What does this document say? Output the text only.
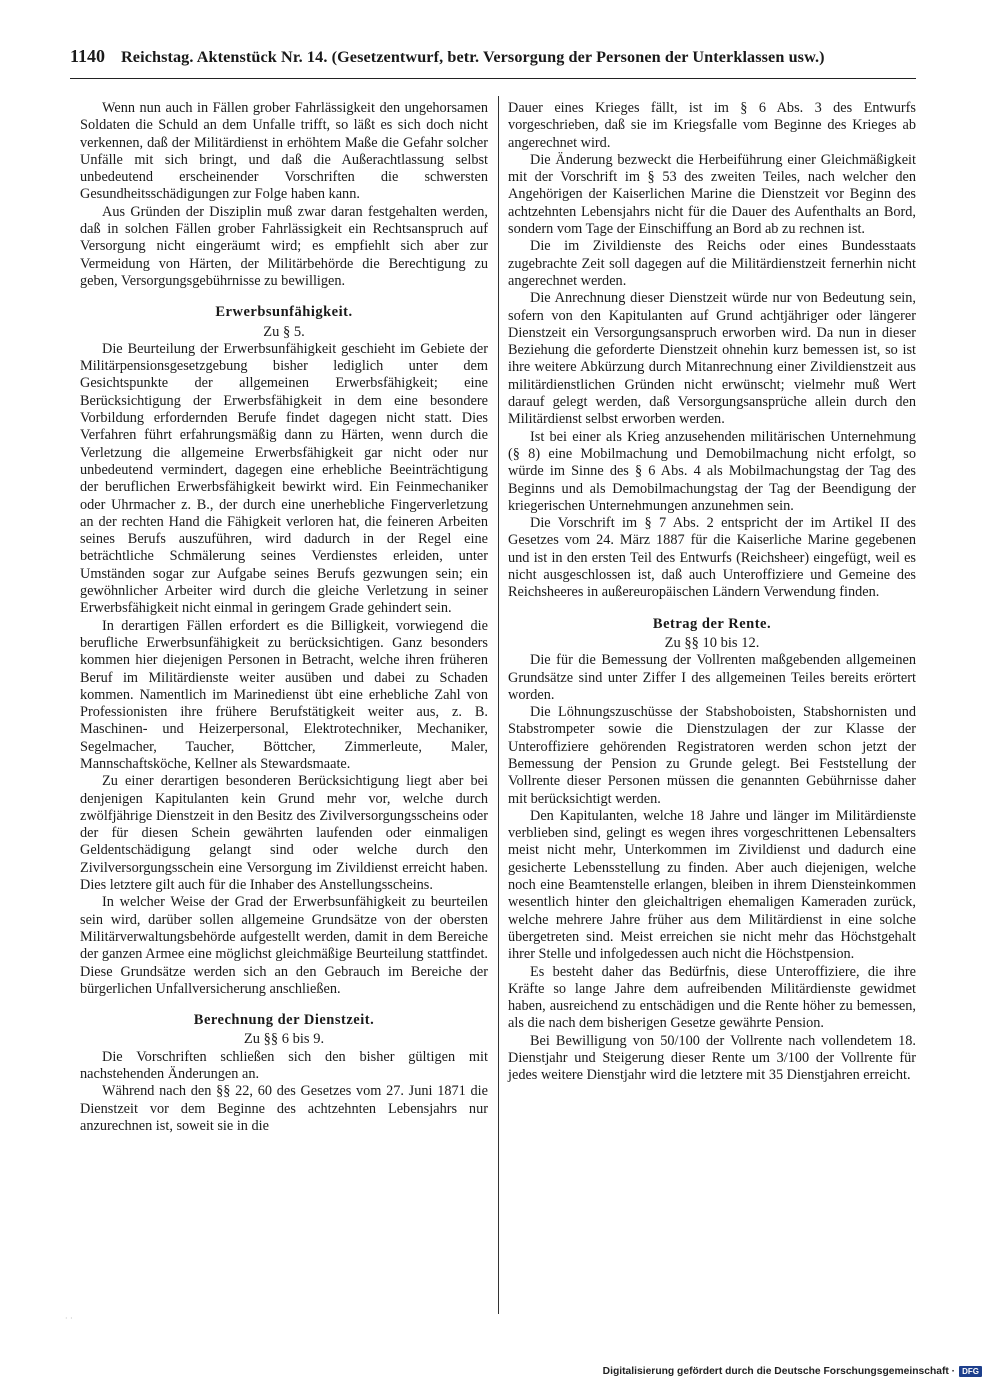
1140 Reichstag. Aktenstück Nr. 14. (Gesetzentwurf, betr. Versorgung der Personen der Unterklassen usw.)

Wenn nun auch in Fällen grober Fahrlässigkeit den ungehorsamen Soldaten die Schuld an dem Unfalle trifft, so läßt es sich doch nicht verkennen, daß der Militärdienst in erhöhtem Maße die Gefahr solcher Unfälle mit sich bringt, und daß die Außerachtlassung selbst unbedeutend erscheinender Vorschriften die schwersten Gesundheitsschädigungen zur Folge haben kann.

Aus Gründen der Disziplin muß zwar daran festgehalten werden, daß in solchen Fällen grober Fahrlässigkeit ein Rechtsanspruch auf Versorgung nicht eingeräumt wird; es empfiehlt sich aber zur Vermeidung von Härten, der Militärbehörde die Berechtigung zu geben, Versorgungsgebührnisse zu bewilligen.

Erwerbsunfähigkeit.
Zu § 5.

Die Beurteilung der Erwerbsunfähigkeit geschieht im Gebiete der Militärpensionsgesetzgebung bisher lediglich unter dem Gesichtspunkte der allgemeinen Erwerbsfähigkeit; eine Berücksichtigung der Erwerbsfähigkeit in dem eine besondere Vorbildung erfordernden Berufe findet dagegen nicht statt. Dies Verfahren führt erfahrungsmäßig dann zu Härten, wenn durch die Verletzung die allgemeine Erwerbsfähigkeit gar nicht oder nur unbedeutend vermindert, dagegen eine erhebliche Beeinträchtigung der beruflichen Erwerbsfähigkeit bewirkt wird. Ein Feinmechaniker oder Uhrmacher z. B., der durch eine unerhebliche Fingerverletzung an der rechten Hand die Fähigkeit verloren hat, die feineren Arbeiten seines Berufs auszuführen, wird dadurch in der Regel eine beträchtliche Schmälerung seines Verdienstes erleiden, unter Umständen sogar zur Aufgabe seines Berufs gezwungen sein; ein gewöhnlicher Arbeiter wird durch die gleiche Verletzung in seiner Erwerbsfähigkeit nicht einmal in geringem Grade gehindert sein.

In derartigen Fällen erfordert es die Billigkeit, vorwiegend die berufliche Erwerbsunfähigkeit zu berücksichtigen. Ganz besonders kommen hier diejenigen Personen in Betracht, welche ihren früheren Beruf im Militärdienste weiter ausüben und dabei zu Schaden kommen. Namentlich im Marinedienst übt eine erhebliche Zahl von Professionisten ihre frühere Berufstätigkeit weiter aus, z. B. Maschinen- und Heizerpersonal, Elektrotechniker, Mechaniker, Segelmacher, Taucher, Böttcher, Zimmerleute, Maler, Mannschaftsköche, Kellner als Stewardsmaate.

Zu einer derartigen besonderen Berücksichtigung liegt aber bei denjenigen Kapitulanten kein Grund mehr vor, welche durch zwölfjährige Dienstzeit in den Besitz des Zivilversorgungsscheins oder der für diesen Schein gewährten laufenden oder einmaligen Geldentschädigung gelangt sind oder welche durch den Zivilversorgungsschein eine Versorgung im Zivildienst erreicht haben. Dies letztere gilt auch für die Inhaber des Anstellungsscheins.

In welcher Weise der Grad der Erwerbsunfähigkeit zu beurteilen sein wird, darüber sollen allgemeine Grundsätze von der obersten Militärverwaltungsbehörde aufgestellt werden, damit in dem Bereiche der ganzen Armee eine möglichst gleichmäßige Beurteilung stattfindet. Diese Grundsätze werden sich an den Gebrauch im Bereiche der bürgerlichen Unfallversicherung anschließen.

Berechnung der Dienstzeit.
Zu §§ 6 bis 9.

Die Vorschriften schließen sich den bisher gültigen mit nachstehenden Änderungen an.

Während nach den §§ 22, 60 des Gesetzes vom 27. Juni 1871 die Dienstzeit vor dem Beginne des achtzehnten Lebensjahrs nur anzurechnen ist, soweit sie in die

Dauer eines Krieges fällt, ist im § 6 Abs. 3 des Entwurfs vorgeschrieben, daß sie im Kriegsfalle vom Beginne des Krieges ab angerechnet wird.

Die Änderung bezweckt die Herbeiführung einer Gleichmäßigkeit mit der Vorschrift im § 53 des zweiten Teiles, nach welcher den Angehörigen der Kaiserlichen Marine die Dienstzeit vor Beginn des achtzehnten Lebensjahrs nicht für die Dauer des Aufenthalts an Bord, sondern vom Tage der Einschiffung an Bord ab zu rechnen ist.

Die im Zivildienste des Reichs oder eines Bundesstaats zugebrachte Zeit soll dagegen auf die Militärdienstzeit fernerhin nicht angerechnet werden.

Die Anrechnung dieser Dienstzeit würde nur von Bedeutung sein, sofern von den Kapitulanten auf Grund achtjähriger oder längerer Dienstzeit ein Versorgungsanspruch erworben wird. Da nun in dieser Beziehung die geforderte Dienstzeit ohnehin kurz bemessen ist, so ist ihre weitere Abkürzung durch Mitanrechnung einer Zivildienstzeit aus militärdienstlichen Gründen nicht erwünscht; vielmehr muß Wert darauf gelegt werden, daß Versorgungsansprüche allein durch den Militärdienst selbst erworben werden.

Ist bei einer als Krieg anzusehenden militärischen Unternehmung (§ 8) eine Mobilmachung und Demobilmachung nicht erfolgt, so würde im Sinne des § 6 Abs. 4 als Mobilmachungstag der Tag des Beginns und als Demobilmachungstag der Tag der Beendigung der kriegerischen Unternehmungen anzunehmen sein.

Die Vorschrift im § 7 Abs. 2 entspricht der im Artikel II des Gesetzes vom 24. März 1887 für die Kaiserliche Marine gegebenen und ist in den ersten Teil des Entwurfs (Reichsheer) eingefügt, weil es nicht ausgeschlossen ist, daß auch Unteroffiziere und Gemeine des Reichsheeres in außereuropäischen Ländern Verwendung finden.

Betrag der Rente.
Zu §§ 10 bis 12.

Die für die Bemessung der Vollrenten maßgebenden allgemeinen Grundsätze sind unter Ziffer I des allgemeinen Teiles bereits erörtert worden.

Die Löhnungszuschüsse der Stabshoboisten, Stabshornisten und Stabstrompeter sowie die Dienstzulagen der zur Klasse der Unteroffiziere gehörenden Registratoren werden schon jetzt der Bemessung der Pension zu Grunde gelegt. Bei Feststellung der Vollrente dieser Personen müssen die genannten Gebührnisse daher mit berücksichtigt werden.

Den Kapitulanten, welche 18 Jahre und länger im Militärdienste verblieben sind, gelingt es wegen ihres vorgeschrittenen Lebensalters meist nicht mehr, Unterkommen im Zivildienst und dadurch eine gesicherte Lebensstellung zu finden. Aber auch diejenigen, welche noch eine Beamtenstelle erlangen, bleiben in ihrem Diensteinkommen wesentlich hinter den gleichaltrigen ehemaligen Kameraden zurück, welche mehrere Jahre früher aus dem Militärdienst in eine solche übergetreten sind. Meist erreichen sie nicht mehr das Höchstgehalt ihrer Stelle und infolgedessen auch nicht die Höchstpension.

Es besteht daher das Bedürfnis, diese Unteroffiziere, die ihre Kräfte so lange Jahre dem aufreibenden Militärdienste gewidmet haben, ausreichend zu entschädigen und die Rente höher zu bemessen, als die nach dem bisherigen Gesetze gewährte Pension.

Bei Bewilligung von 50/100 der Vollrente nach vollendetem 18. Dienstjahr und Steigerung dieser Rente um 3/100 der Vollrente für jedes weitere Dienstjahr wird die letztere mit 35 Dienstjahren erreicht.

· ·
Digitalisierung gefördert durch die Deutsche Forschungsgemeinschaft · DFG
